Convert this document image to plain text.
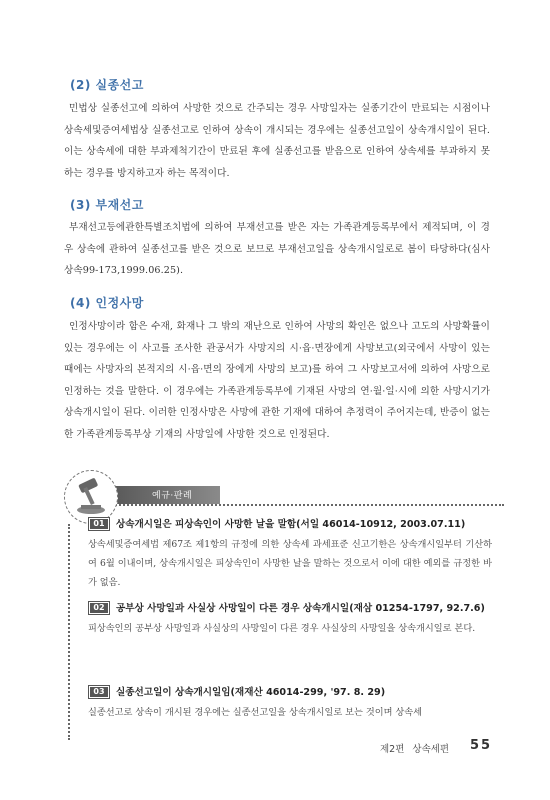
(2) 실종선고

민법상 실종선고에 의하여 사망한 것으로 간주되는 경우 사망일자는 실종기간이 만료되는 시점이나 상속세및증여세법상 실종선고로 인하여 상속이 개시되는 경우에는 실종선고일이 상속개시일이 된다. 이는 상속세에 대한 부과제척기간이 만료된 후에 실종선고를 받음으로 인하여 상속세를 부과하지 못하는 경우를 방지하고자 하는 목적이다.

(3) 부재선고

부재선고등에관한특별조치법에 의하여 부재선고를 받은 자는 가족관계등록부에서 제적되며, 이 경우 상속에 관하여 실종선고를 받은 것으로 보므로 부재선고일을 상속개시일로로 봄이 타당하다(심사상속99-173,1999.06.25).

(4) 인정사망

인정사망이라 함은 수재, 화재나 그 밖의 재난으로 인하여 사망의 확인은 없으나 고도의 사망확률이 있는 경우에는 이 사고를 조사한 관공서가 사망지의 시·읍·면장에게 사망보고(외국에서 사망이 있는 때에는 사망자의 본적지의 시·읍·면의 장에게 사망의 보고)를 하여 그 사망보고서에 의하여 사망으로 인정하는 것을 말한다. 이 경우에는 가족관계등록부에 기재된 사망의 연·월·일·시에 의한 사망시기가 상속개시일이 된다. 이러한 인정사망은 사망에 관한 기재에 대하여 추정력이 주어지는데, 반증이 없는 한 가족관계등록부상 기재의 사망일에 사망한 것으로 인정된다.

예규·판례
01 상속개시일은 피상속인이 사망한 날을 말함(서일 46014-10912, 2003.07.11)
상속세및증여세법 제67조 제1항의 규정에 의한 상속세 과세표준 신고기한은 상속개시일부터 기산하여 6월 이내이며, 상속개시일은 피상속인이 사망한 날을 말하는 것으로서 이에 대한 예외를 규정한 바가 없음.
02 공부상 사망일과 사실상 사망일이 다른 경우 상속개시일(재삼 01254-1797, 92.7.6)
피상속인의 공부상 사망일과 사실상의 사망일이 다른 경우 사실상의 사망일을 상속개시일로 본다.
03 실종선고일이 상속개시일임(재재산 46014-299, '97. 8. 29)
실종선고로 상속이 개시된 경우에는 실종선고일을 상속개시일로 보는 것이며 상속세
제2편 상속세편 55
